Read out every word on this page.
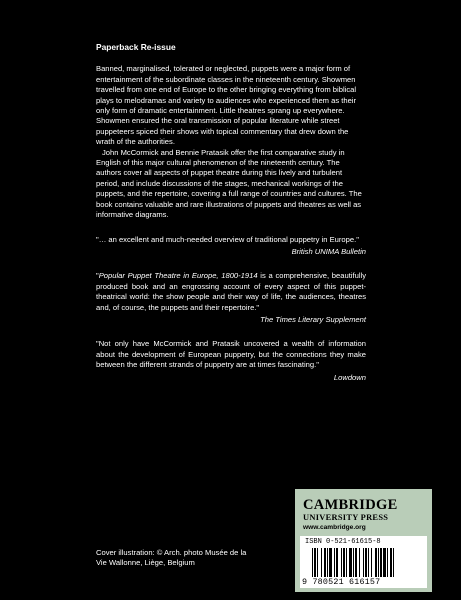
Paperback Re-issue

Banned, marginalised, tolerated or neglected, puppets were a major form of entertainment of the subordinate classes in the nineteenth century. Showmen travelled from one end of Europe to the other bringing everything from biblical plays to melodramas and variety to audiences who experienced them as their only form of dramatic entertainment. Little theatres sprang up everywhere. Showmen ensured the oral transmission of popular literature while street puppeteers spiced their shows with topical commentary that drew down the wrath of the authorities.
John McCormick and Bennie Pratasik offer the first comparative study in English of this major cultural phenomenon of the nineteenth century. The authors cover all aspects of puppet theatre during this lively and turbulent period, and include discussions of the stages, mechanical workings of the puppets, and the repertoire, covering a full range of countries and cultures. The book contains valuable and rare illustrations of puppets and theatres as well as informative diagrams.

"… an excellent and much-needed overview of traditional puppetry in Europe."

British UNIMA Bulletin

"Popular Puppet Theatre in Europe, 1800-1914 is a comprehensive, beautifully produced book and an engrossing account of every aspect of this puppet-theatrical world: the show people and their way of life, the audiences, theatres and, of course, the puppets and their repertoire."

The Times Literary Supplement

"Not only have McCormick and Pratasik uncovered a wealth of information about the development of European puppetry, but the connections they make between the different strands of puppetry are at times fascinating."

Lowdown

Cover illustration: © Arch. photo Musée de la Vie Wallonne, Liège, Belgium
CAMBRIDGE
UNIVERSITY PRESS
www.cambridge.org
ISBN 0-521-61615-8
9 780521 616157
